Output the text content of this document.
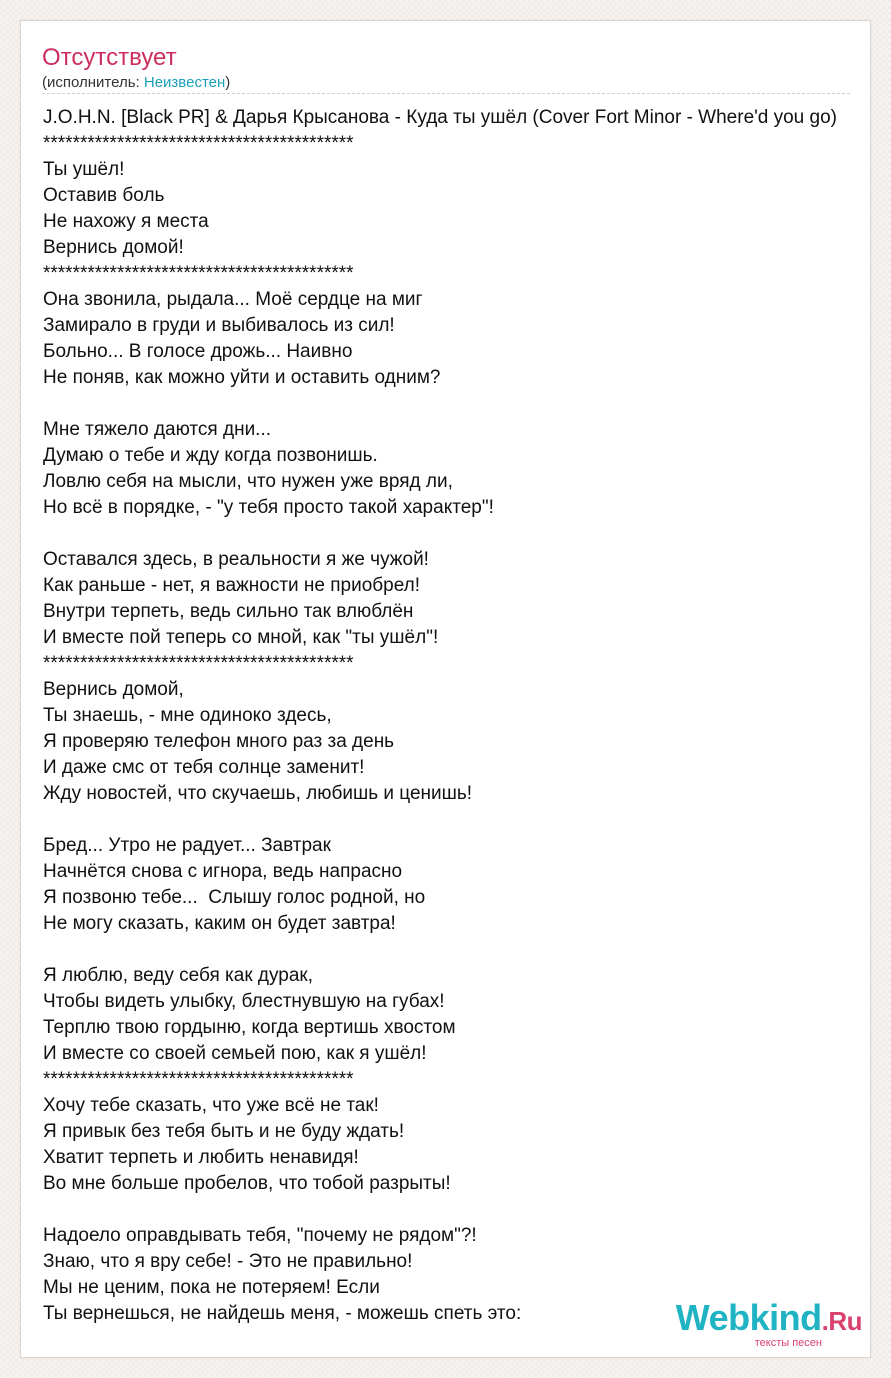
Отсутствует
(исполнитель: Неизвестен)
J.O.H.N. [Black PR] & Дарья Крысанова - Куда ты ушёл (Cover Fort Minor - Where'd you go)
******************************************
Ты ушёл!
Оставив боль
Не нахожу я места
Вернись домой!
******************************************
Она звонила, рыдала... Моё сердце на миг
Замирало в груди и выбивалось из сил!
Больно... В голосе дрожь... Наивно
Не поняв, как можно уйти и оставить одним?

Мне тяжело даются дни...
Думаю о тебе и жду когда позвонишь.
Ловлю себя на мысли, что нужен уже вряд ли,
Но всё в порядке, - "у тебя просто такой характер"!

Оставался здесь, в реальности я же чужой!
Как раньше - нет, я важности не приобрел!
Внутри терпеть, ведь сильно так влюблён
И вместе пой теперь со мной, как "ты ушёл"!
******************************************
Вернись домой,
Ты знаешь, - мне одиноко здесь,
Я проверяю телефон много раз за день
И даже смс от тебя солнце заменит!
Жду новостей, что скучаешь, любишь и ценишь!

Бред... Утро не радует... Завтрак
Начнётся снова с игнора, ведь напрасно
Я позвоню тебе...  Слышу голос родной, но
Не могу сказать, каким он будет завтра!

Я люблю, веду себя как дурак,
Чтобы видеть улыбку, блестнувшую на губах!
Терплю твою гордыню, когда вертишь хвостом
И вместе со своей семьей пою, как я ушёл!
******************************************
Хочу тебе сказать, что уже всё не так!
Я привык без тебя быть и не буду ждать!
Хватит терпеть и любить ненавидя!
Во мне больше пробелов, что тобой разрыты!

Надоело оправдывать тебя, "почему не рядом"?!
Знаю, что я вру себе! - Это не правильно!
Мы не ценим, пока не потеряем! Если
Ты вернешься, не найдешь меня, - можешь спеть это:	Webkind.Ru
тексты песен
